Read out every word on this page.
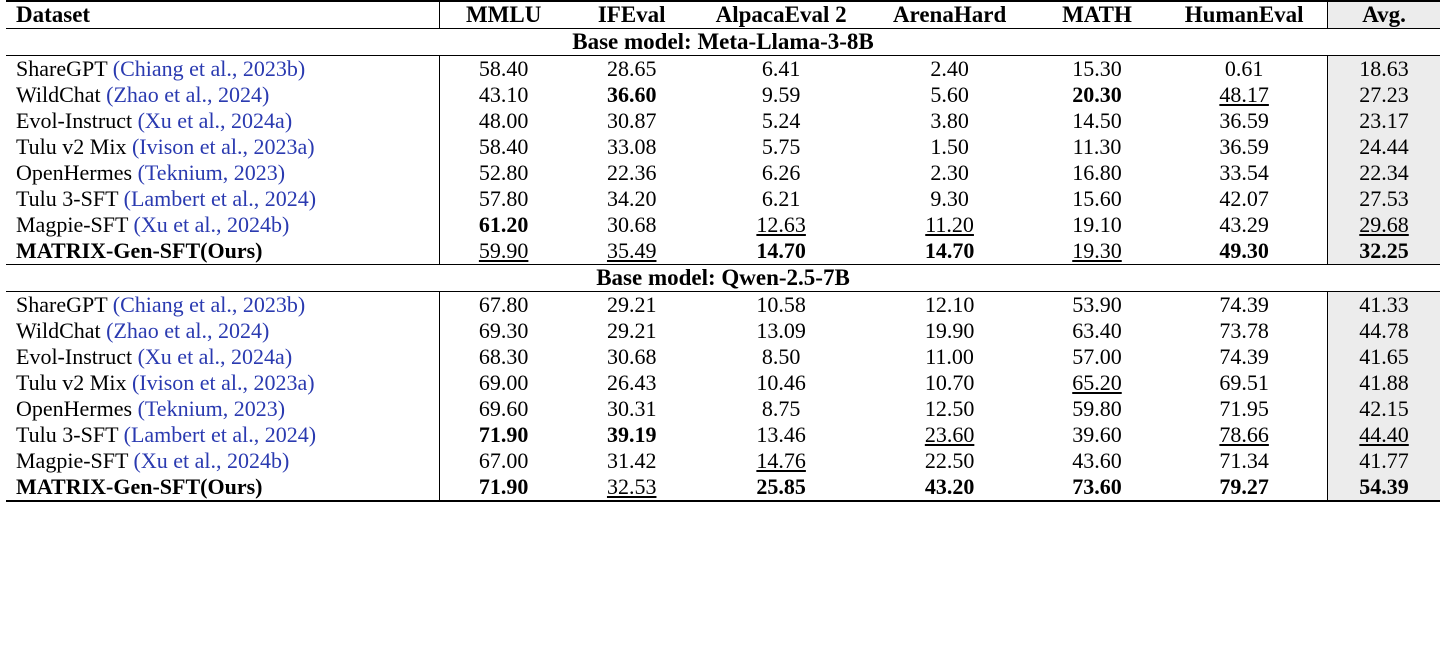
Dataset	MMLU	IFEval	AlpacaEval 2	ArenaHard	MATH	HumanEval	Avg.

Base model: Meta-Llama-3-8B							

ShareGPT (Chiang et al., 2023b)	58.40	28.65	6.41	2.40	15.30	0.61	18.63
WildChat (Zhao et al., 2024)	43.10	36.60	9.59	5.60	20.30	48.17	27.23
Evol-Instruct (Xu et al., 2024a)	48.00	30.87	5.24	3.80	14.50	36.59	23.17
Tulu v2 Mix (Ivison et al., 2023a)	58.40	33.08	5.75	1.50	11.30	36.59	24.44
OpenHermes (Teknium, 2023)	52.80	22.36	6.26	2.30	16.80	33.54	22.34
Tulu 3-SFT (Lambert et al., 2024)	57.80	34.20	6.21	9.30	15.60	42.07	27.53
Magpie-SFT (Xu et al., 2024b)	61.20	30.68	12.63	11.20	19.10	43.29	29.68
MATRIX-Gen-SFT(Ours)	59.90	35.49	14.70	14.70	19.30	49.30	32.25

Base model: Qwen-2.5-7B							

ShareGPT (Chiang et al., 2023b)	67.80	29.21	10.58	12.10	53.90	74.39	41.33
WildChat (Zhao et al., 2024)	69.30	29.21	13.09	19.90	63.40	73.78	44.78
Evol-Instruct (Xu et al., 2024a)	68.30	30.68	8.50	11.00	57.00	74.39	41.65
Tulu v2 Mix (Ivison et al., 2023a)	69.00	26.43	10.46	10.70	65.20	69.51	41.88
OpenHermes (Teknium, 2023)	69.60	30.31	8.75	12.50	59.80	71.95	42.15
Tulu 3-SFT (Lambert et al., 2024)	71.90	39.19	13.46	23.60	39.60	78.66	44.40
Magpie-SFT (Xu et al., 2024b)	67.00	31.42	14.76	22.50	43.60	71.34	41.77
MATRIX-Gen-SFT(Ours)	71.90	32.53	25.85	43.20	73.60	79.27	54.39
